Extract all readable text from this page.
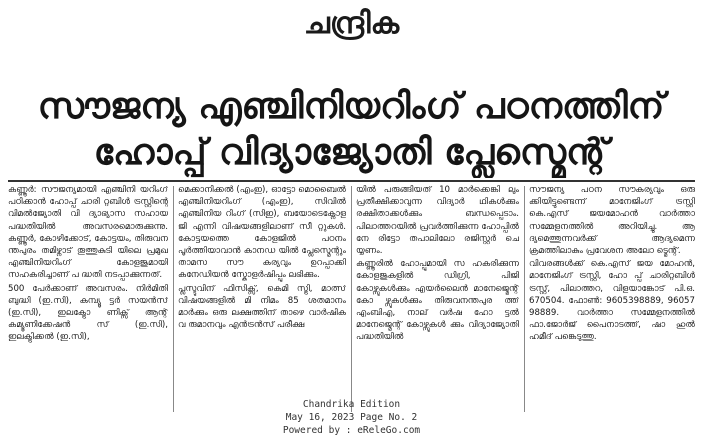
ചന്ദ്രിക
സൗജന്യ എഞ്ചിനിയറിംഗ് പഠനത്തിന്
ഹോപ്പ് വിദ്യാജ്യോതി പ്ലേസ്മെന്റ്

കണ്ണൂർ: സൗജന്യമായി എഞ്ചിനി യറിംഗ് പഠിക്കാൻ ഹോപ്പ് ചാരി റ്റബിൾ ട്രസ്റ്റിന്റെ വിമൽജ്യോതി വി ദ്യാഭ്യാസ സഹായ പദ്ധതിയിൽ അവസരമൊരുക്കുന്നു. കണ്ണൂർ, കോഴിക്കോട്, കോട്ടയം, തിരുവന ന്തപുരം തമിഴ്നാട് തൂത്തുകുടി യിലെ പ്രമുഖ എഞ്ചിനിയറിംഗ് കോളജുമായി സഹകരിച്ചാണ് പ ദ്ധതി നടപ്പാക്കുന്നത്.

500 പേർക്കാണ് അവസരം. നിർമിതി ബുദ്ധി (ഇ.സി), കമ്പ്യൂ ട്ടർ സയൻസ് (ഇ.സി), ഇലക്ട്രോ ണിക്സ് ആന്റ് കമ്യൂണിക്കേഷൻ സ് (ഇ.സി), ഇലക്ട്രിക്കൽ (ഇ.സി),

മെക്കാനിക്കൽ (എംഇ), ഓട്ടോ മൊബൈൽ എഞ്ചിനിയറിംഗ് (എംഇ), സിവിൽ എഞ്ചിനിയ റിംഗ് (സിഇ), ബയോടെക്നോള ജി എന്നി വിഷയങ്ങളിലാണ് സീ റ്റുകൾ. കോട്ടയത്തെ കോളജിൽ പഠനം പൂർത്തിയാവാൻ കാനഡ യിൽ പ്ലേസ്മെന്റും താമസ സൗ കര്യവും ഉറപ്പാക്കി കനേഡിയൻ സ്കോളർഷിപ്പും ലഭിക്കും.

പ്ലസ്ടുവിന് ഫിസിക്സ്, കെമി സ്ട്രി, മാത്സ് വിഷയങ്ങളിൽ മി നിമം 85 ശതമാനം മാർക്കും ഒരു ലക്ഷത്തിന് താഴെ വാർഷിക വ രുമാനവും എൻട്രൻസ് പരീക്ഷ

യിൽ പരുങ്ങിയത് 10 മാർക്കെങ്കി ലും പ്രതീക്ഷിക്കാവുന്ന വിദ്യാർ ഥികൾക്കും രക്ഷിതാക്കൾക്കും ബന്ധപ്പെടാം. പിലാത്തറയിൽ പ്രവർത്തിക്കുന്ന ഹോപ്പിൽ നേ രിട്ടോ തപാലിലോ രജിസ്റ്റർ ചെ യ്യണം.

കണ്ണൂരിൽ ഹോപ്പുമായി സ ഹകരിക്കുന്ന കോളജുകളിൽ ഡിഗ്രി, പിജി കോഴ്സുകൾക്കും എയർലൈൻ മാനേജ്മെന്റ് കോ ഴ്സുകൾക്കും തിരുവനന്തപുര ത്ത് എംബിഎ, നാല് വർഷ ഹോ ട്ടൽ മാനേജ്മെന്റ് കോഴ്സുകൾ ക്കും വിദ്യാജ്യോതി പദ്ധതിയിൽ

സൗജന്യ പഠന സൗകര്യവും ഒരു ക്കിയിട്ടുണ്ടെന്ന് മാനേജിംഗ് ട്രസ്റ്റി കെ.എസ് ജയമോഹൻ വാർത്താ സമ്മേളനത്തിൽ അറിയിച്ചു. ആ ദ്യമെത്തുന്നവർക്ക് ആദ്യമെന്ന ക്രമത്തിലാകും പ്രവേശന അലോ ട്മെന്റ്.

വിവരങ്ങൾക്ക് കെ.എസ് ജയ മോഹൻ, മാനേജിംഗ് ട്രസ്റ്റി, ഹോ പ്പ് ചാരിറ്റബിൾ ട്രസ്റ്റ്, പിലാത്തറ, വിളയാങ്കോട് പി.ഒ. 670504. ഫോൺ: 9605398889, 96057 98889. വാർത്താ സമ്മേളനത്തിൽ ഫാ.ജോർജ് പൈനാടത്ത്, ഷാ ഹുൽ ഹമീദ് പങ്കെടുത്തു.

Chandrika Edition
May 16, 2023 Page No. 2
Powered by : eReleGo.com
